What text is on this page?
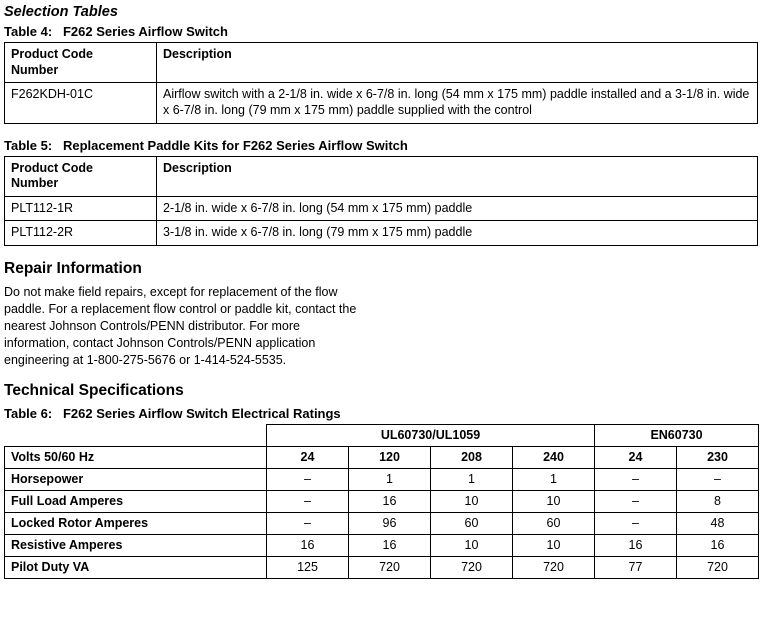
Selection Tables
Table 4:   F262 Series Airflow Switch
Product Code
Number	Description
F262KDH-01C	Airflow switch with a 2-1/8 in. wide x 6-7/8 in. long (54 mm x 175 mm) paddle installed and a 3-1/8 in. wide x 6-7/8 in. long (79 mm x 175 mm) paddle supplied with the control
Table 5:   Replacement Paddle Kits for F262 Series Airflow Switch
Product Code
Number	Description
PLT112-1R	2-1/8 in. wide x 6-7/8 in. long (54 mm x 175 mm) paddle
PLT112-2R	3-1/8 in. wide x 6-7/8 in. long (79 mm x 175 mm) paddle
Repair Information

Do not make field repairs, except for replacement of the flow paddle. For a replacement flow control or paddle kit, contact the nearest Johnson Controls/PENN distributor. For more information, contact Johnson Controls/PENN application engineering at 1-800-275-5676 or 1-414-524-5535.

Technical Specifications
Table 6:   F262 Series Airflow Switch Electrical Ratings
	UL60730/UL1059				EN60730	
Volts 50/60 Hz	24	120	208	240	24	230
Horsepower	–	1	1	1	–	–
Full Load Amperes	–	16	10	10	–	8
Locked Rotor Amperes	–	96	60	60	–	48
Resistive Amperes	16	16	10	10	16	16
Pilot Duty VA	125	720	720	720	77	720
